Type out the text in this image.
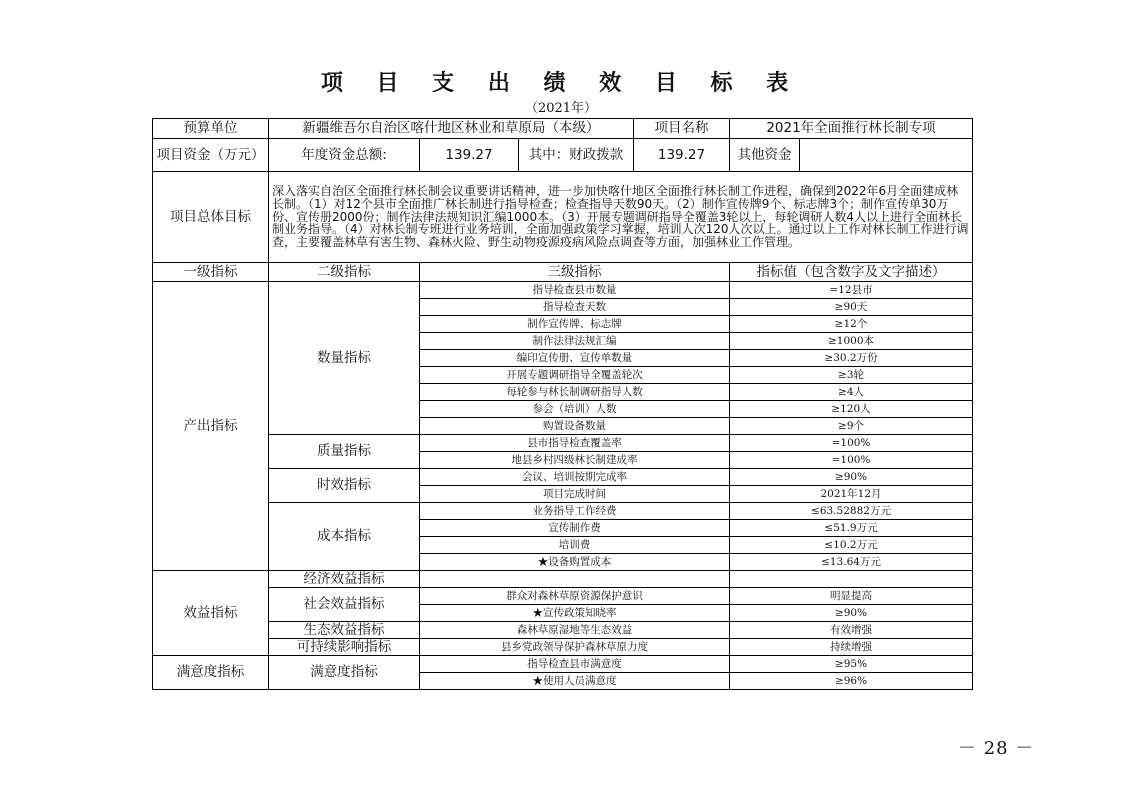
项 目 支 出 绩 效 目 标 表
（2021年）
预算单位	新疆维吾尔自治区喀什地区林业和草原局（本级）			项目名称	2021年全面推行林长制专项	
项目资金（万元）	年度资金总额:	139.27	其中：财政拨款	139.27	其他资金	
项目总体目标	深入落实自治区全面推行林长制会议重要讲话精神，进一步加快喀什地区全面推行林长制工作进程，确保到2022年6月全面建成林长制。（1）对12个县市全面推广林长制进行指导检查；检查指导天数90天。（2）制作宣传牌9个、标志牌3个；制作宣传单30万份、宣传册2000份；制作法律法规知识汇编1000本。（3）开展专题调研指导全覆盖3轮以上，每轮调研人数4人以上进行全面林长制业务指导。（4）对林长制专班进行业务培训，全面加强政策学习掌握，培训人次120人次以上。通过以上工作对林长制工作进行调查，主要覆盖林草有害生物、森林火险、野生动物疫源疫病风险点调查等方面，加强林业工作管理。					
一级指标	二级指标	三级指标			指标值（包含数字及文字描述）	
产出指标	数量指标	指导检查县市数量			=12县市	
		指导检查天数			≥90天	
		制作宣传牌、标志牌			≥12个	
		制作法律法规汇编			≥1000本	
		编印宣传册、宣传单数量			≥30.2万份	
		开展专题调研指导全覆盖轮次			≥3轮	
		每轮参与林长制调研指导人数			≥4人	
		参会（培训）人数			≥120人	
		购置设备数量			≥9个	
	质量指标	县市指导检查覆盖率			=100%	
		地县乡村四级林长制建成率			=100%	
	时效指标	会议、培训按期完成率			≥90%	
		项目完成时间			2021年12月	
	成本指标	业务指导工作经费			≤63.52882万元	
		宣传制作费			≤51.9万元	
		培训费			≤10.2万元	
		★设备购置成本			≤13.64万元	
效益指标	经济效益指标					
	社会效益指标	群众对森林草原资源保护意识			明显提高	
		★宣传政策知晓率			≥90%	
	生态效益指标	森林草原湿地等生态效益			有效增强	
	可持续影响指标	县乡党政领导保护森林草原力度			持续增强	
满意度指标	满意度指标	指导检查县市满意度			≥95%	
		★使用人员满意度			≥96%	
－ 28 －
